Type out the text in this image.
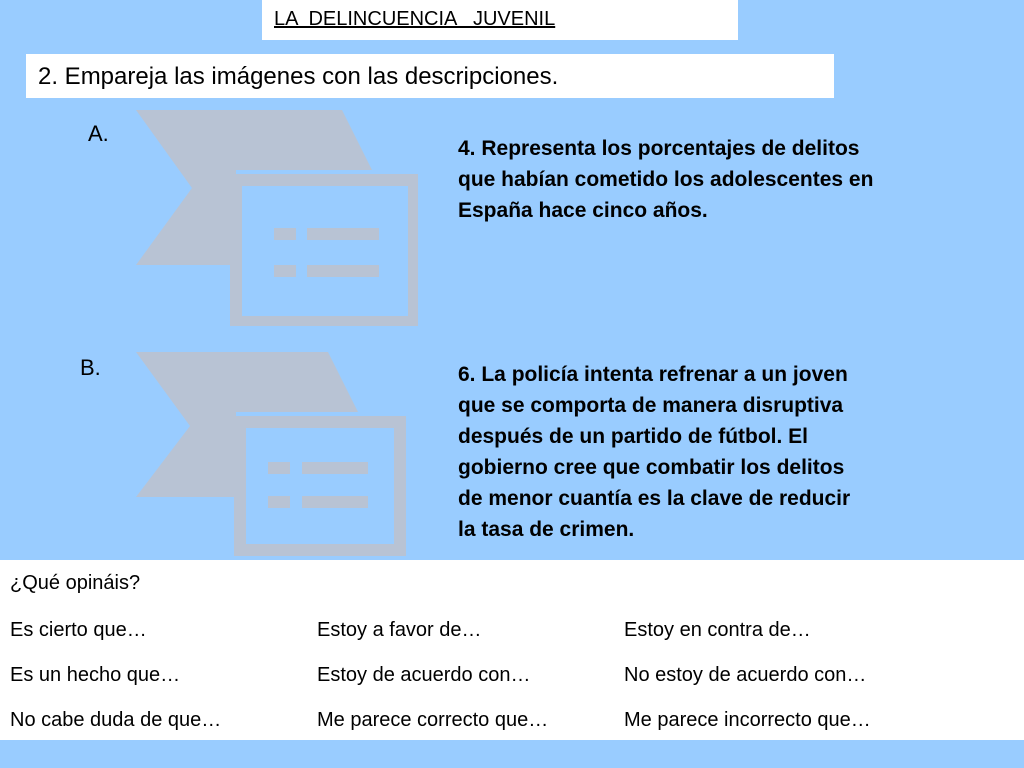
LA  DELINCUENCIA   JUVENIL
2. Empareja las imágenes con las descripciones.
A.
4. Representa los porcentajes de delitos
que habían cometido los adolescentes en
España hace cinco años.
B.	6. La policía intenta refrenar a un joven
que se comporta de manera disruptiva
después de un partido de fútbol. El
gobierno cree que combatir los delitos
de menor cuantía es la clave de reducir
la tasa de crimen.
¿Qué opináis?
Es cierto que…
Es un hecho que…
No cabe duda de que…
Estoy a favor de…
Estoy de acuerdo con…
Me parece correcto que…
Estoy en contra de…
No estoy de acuerdo con…
Me parece incorrecto que…
